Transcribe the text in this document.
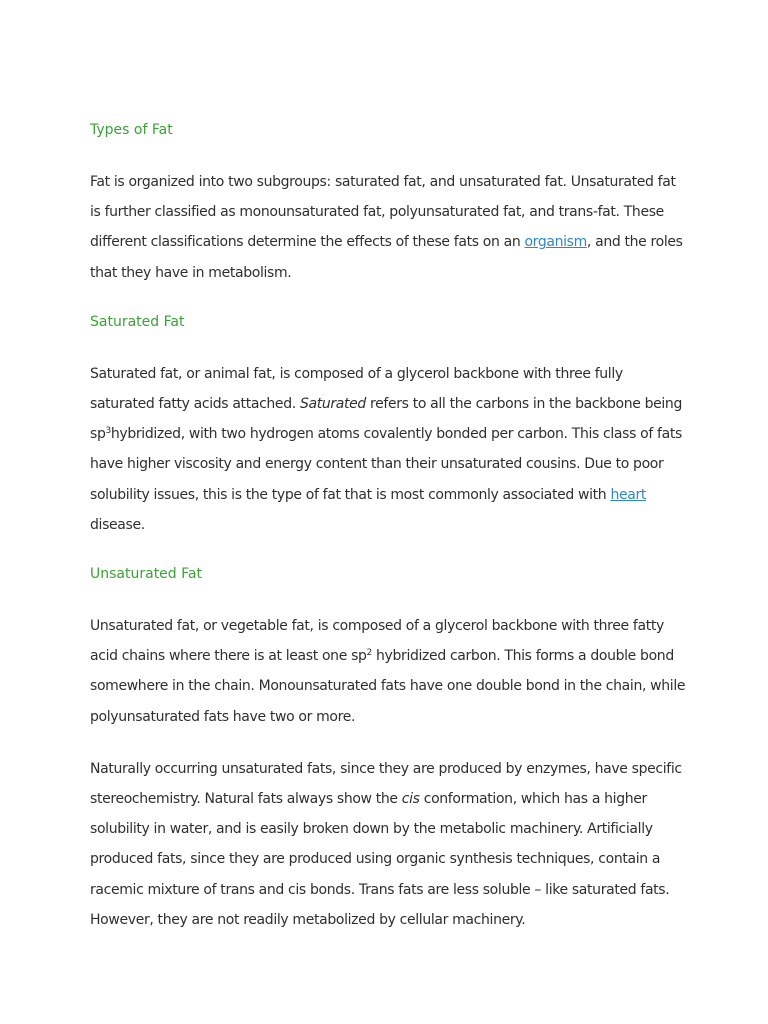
Types of Fat

Fat is organized into two subgroups: saturated fat, and unsaturated fat. Unsaturated fat is further classified as monounsaturated fat, polyunsaturated fat, and trans-fat. These different classifications determine the effects of these fats on an organism, and the roles that they have in metabolism.

Saturated Fat

Saturated fat, or animal fat, is composed of a glycerol backbone with three fully saturated fatty acids attached. Saturated refers to all the carbons in the backbone being $sp^3hybridized$, with two hydrogen atoms covalently bonded per carbon. This class of fats have higher viscosity and energy content than their unsaturated cousins. Due to poor solubility issues, this is the type of fat that is most commonly associated with heart disease.

Unsaturated Fat

Unsaturated fat, or vegetable fat, is composed of a glycerol backbone with three fatty acid chains where there is at least one $sp^2$ hybridized carbon. This forms a double bond somewhere in the chain. Monounsaturated fats have one double bond in the chain, while polyunsaturated fats have two or more.

Naturally occurring unsaturated fats, since they are produced by enzymes, have specific stereochemistry. Natural fats always show the cis conformation, which has a higher solubility in water, and is easily broken down by the metabolic machinery. Artificially produced fats, since they are produced using organic synthesis techniques, contain a racemic mixture of trans and cis bonds. Trans fats are less soluble – like saturated fats. However, they are not readily metabolized by cellular machinery.
